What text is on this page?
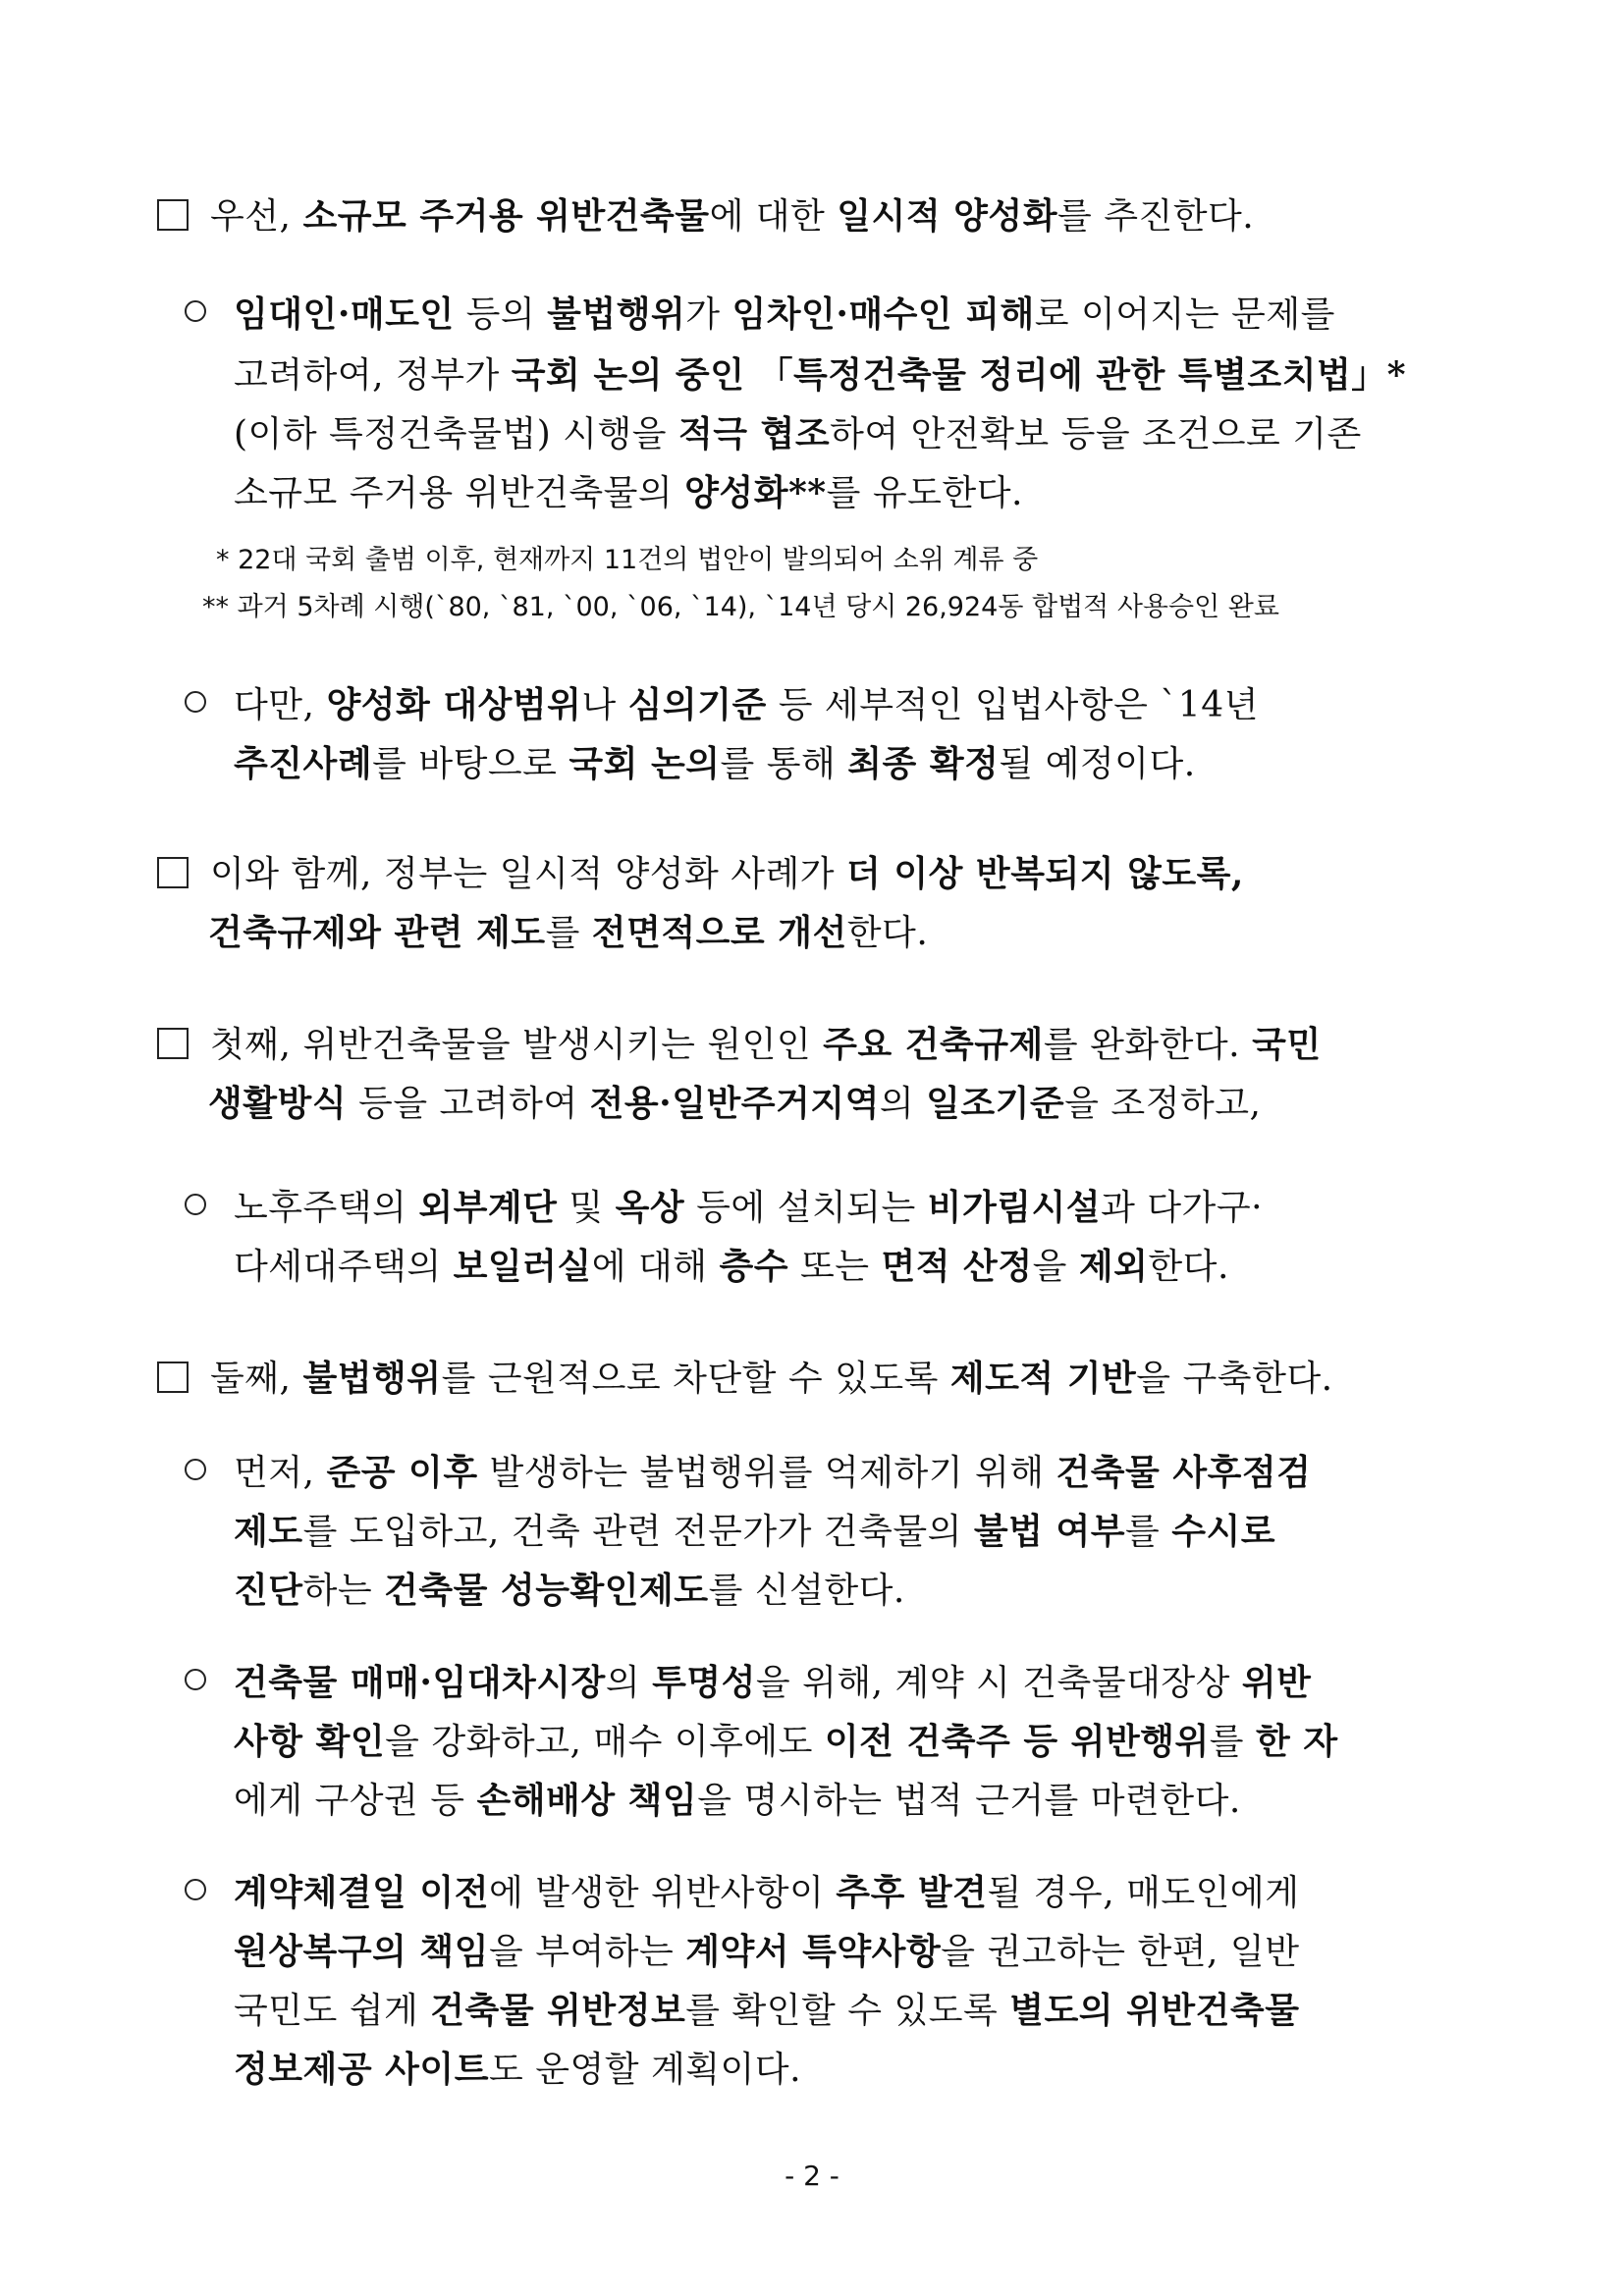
우선, 소규모 주거용 위반건축물에 대한 일시적 양성화를 추진한다.
임대인·매도인 등의 불법행위가 임차인·매수인 피해로 이어지는 문제를
고려하여, 정부가 국회 논의 중인 「특정건축물 정리에 관한 특별조치법」*
(이하 특정건축물법) 시행을 적극 협조하여 안전확보 등을 조건으로 기존
소규모 주거용 위반건축물의 양성화**를 유도한다.
* 22대 국회 출범 이후, 현재까지 11건의 법안이 발의되어 소위 계류 중
** 과거 5차례 시행(`80, `81, `00, `06, `14), `14년 당시 26,924동 합법적 사용승인 완료
다만, 양성화 대상범위나 심의기준 등 세부적인 입법사항은 `14년
추진사례를 바탕으로 국회 논의를 통해 최종 확정될 예정이다.
이와 함께, 정부는 일시적 양성화 사례가 더 이상 반복되지 않도록,
건축규제와 관련 제도를 전면적으로 개선한다.
첫째, 위반건축물을 발생시키는 원인인 주요 건축규제를 완화한다. 국민
생활방식 등을 고려하여 전용·일반주거지역의 일조기준을 조정하고,
노후주택의 외부계단 및 옥상 등에 설치되는 비가림시설과 다가구·
다세대주택의 보일러실에 대해 층수 또는 면적 산정을 제외한다.
둘째, 불법행위를 근원적으로 차단할 수 있도록 제도적 기반을 구축한다.
먼저, 준공 이후 발생하는 불법행위를 억제하기 위해 건축물 사후점검
제도를 도입하고, 건축 관련 전문가가 건축물의 불법 여부를 수시로
진단하는 건축물 성능확인제도를 신설한다.
건축물 매매·임대차시장의 투명성을 위해, 계약 시 건축물대장상 위반
사항 확인을 강화하고, 매수 이후에도 이전 건축주 등 위반행위를 한 자
에게 구상권 등 손해배상 책임을 명시하는 법적 근거를 마련한다.
계약체결일 이전에 발생한 위반사항이 추후 발견될 경우, 매도인에게
원상복구의 책임을 부여하는 계약서 특약사항을 권고하는 한편, 일반
국민도 쉽게 건축물 위반정보를 확인할 수 있도록 별도의 위반건축물
정보제공 사이트도 운영할 계획이다.
- 2 -
